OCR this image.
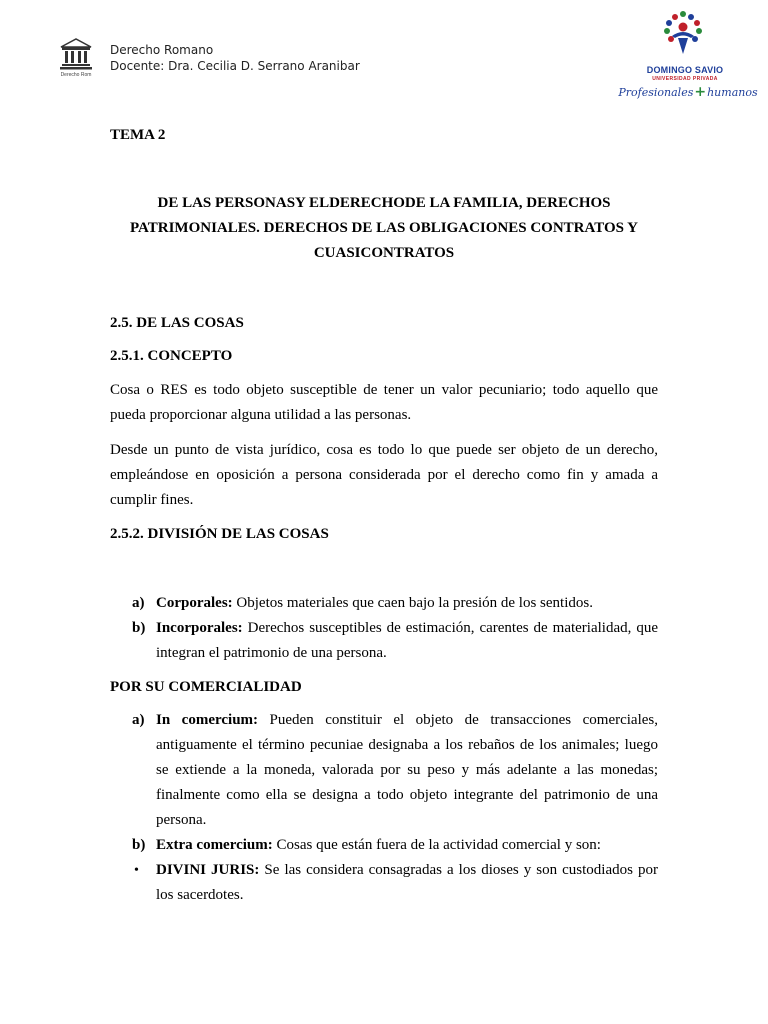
Derecho Rom
Derecho Romano
Docente: Dra. Cecilia D. Serrano Aranibar	DOMINGO SAVIO
UNIVERSIDAD PRIVADA
Profesionales + humanos
TEMA 2
DE LAS PERSONASY ELDERECHODE LA FAMILIA, DERECHOS PATRIMONIALES. DERECHOS DE LAS OBLIGACIONES CONTRATOS Y CUASICONTRATOS
2.5. DE LAS COSAS
2.5.1. CONCEPTO

Cosa o RES es todo objeto susceptible de tener un valor pecuniario; todo aquello que pueda proporcionar alguna utilidad a las personas.

Desde un punto de vista jurídico, cosa es todo lo que puede ser objeto de un derecho, empleándose en oposición a persona considerada por el derecho como fin y amada a cumplir fines.

2.5.2. DIVISIÓN DE LAS COSAS
a) Corporales: Objetos materiales que caen bajo la presión de los sentidos.
b) Incorporales: Derechos susceptibles de estimación, carentes de materialidad, que integran el patrimonio de una persona.
POR SU COMERCIALIDAD
a) In comercium: Pueden constituir el objeto de transacciones comerciales, antiguamente el término pecuniae designaba a los rebaños de los animales; luego se extiende a la moneda, valorada por su peso y más adelante a las monedas; finalmente como ella se designa a todo objeto integrante del patrimonio de una persona.
b) Extra comercium: Cosas que están fuera de la actividad comercial y son:
• DIVINI JURIS: Se las considera consagradas a los dioses y son custodiados por los sacerdotes.
